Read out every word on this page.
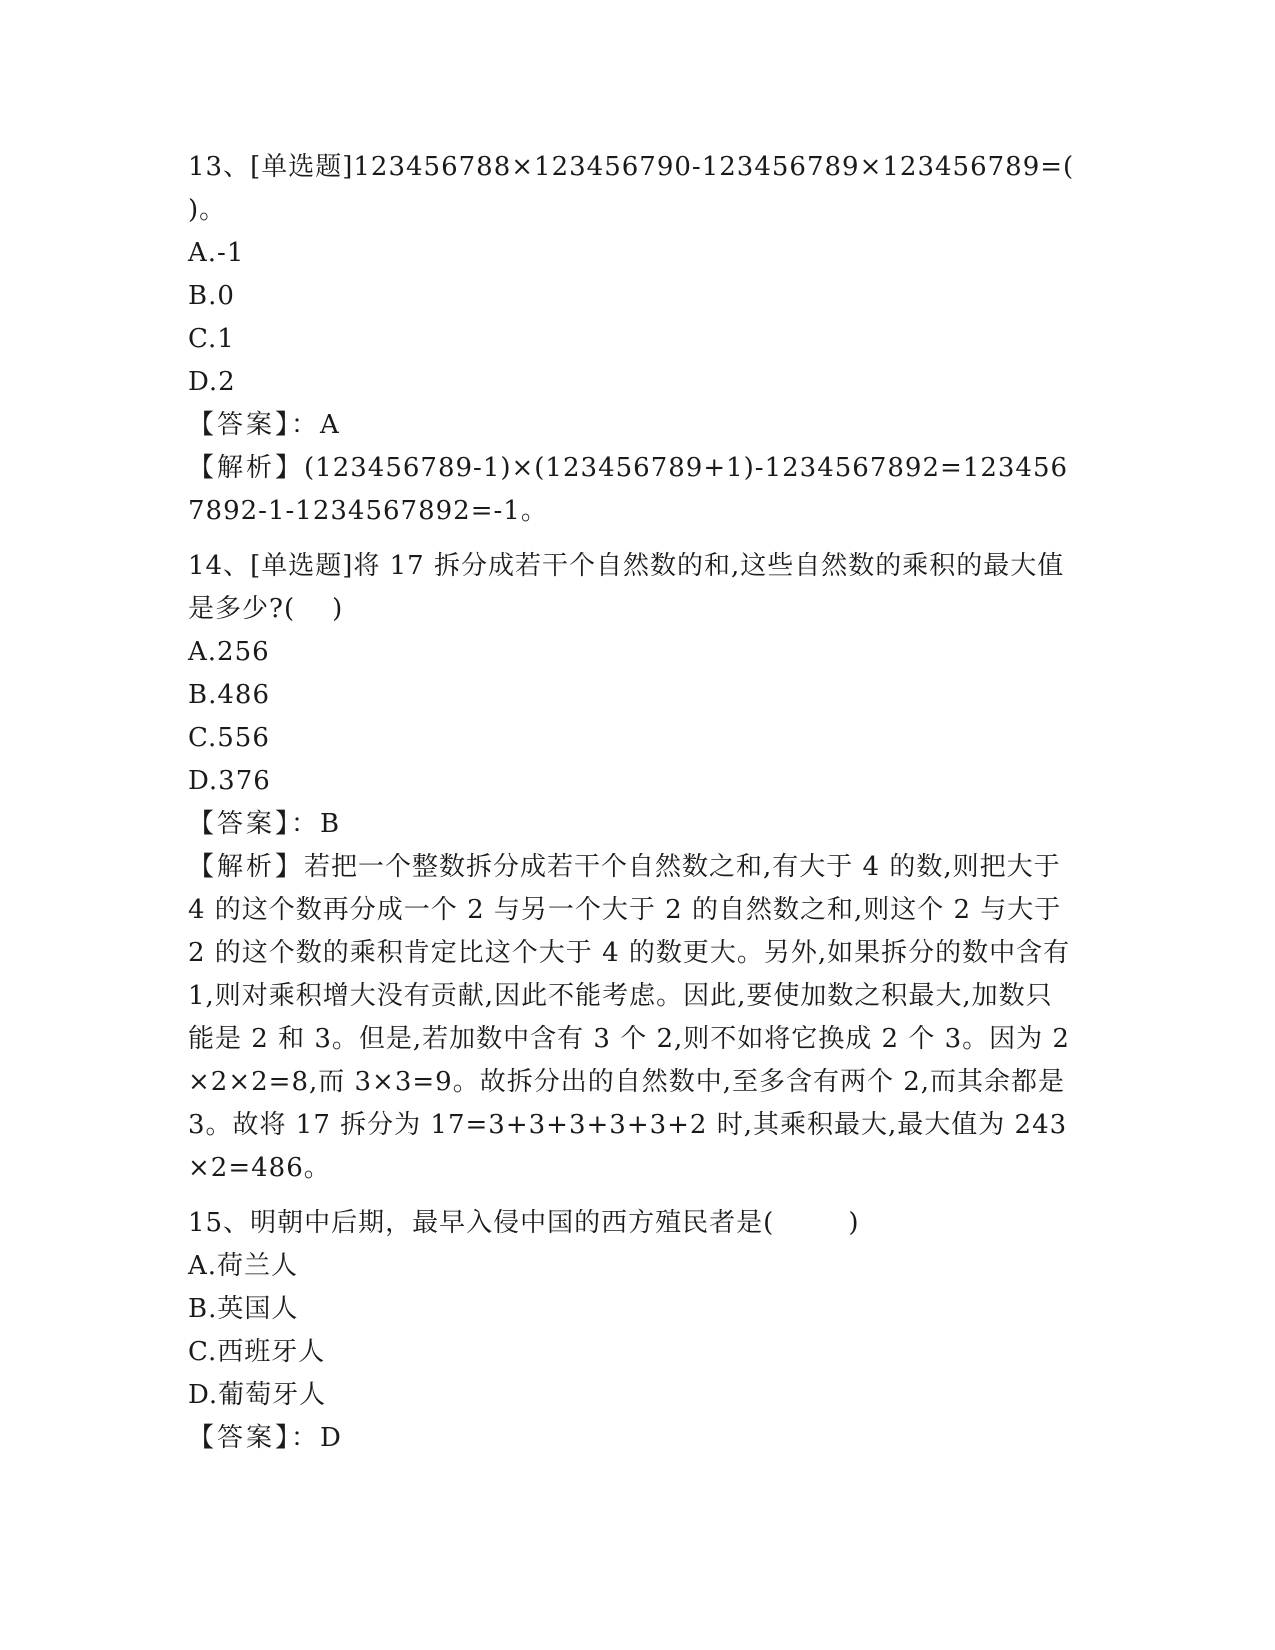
13、[单选题]123456788×123456790-123456789×123456789=(    )。
A.-1
B.0
C.1
D.2
【答案】：A
【解析】(123456789-1)×(123456789+1)-1234567892=1234567892-1-1234567892=-1。
14、[单选题]将 17 拆分成若干个自然数的和,这些自然数的乘积的最大值是多少?(    )
A.256
B.486
C.556
D.376
【答案】：B
【解析】若把一个整数拆分成若干个自然数之和,有大于 4 的数,则把大于 4 的这个数再分成一个 2 与另一个大于 2 的自然数之和,则这个 2 与大于 2 的这个数的乘积肯定比这个大于 4 的数更大。另外,如果拆分的数中含有 1,则对乘积增大没有贡献,因此不能考虑。因此,要使加数之积最大,加数只能是 2 和 3。但是,若加数中含有 3 个 2,则不如将它换成 2 个 3。因为 2×2×2=8,而 3×3=9。故拆分出的自然数中,至多含有两个 2,而其余都是 3。故将 17 拆分为 17=3+3+3+3+3+2 时,其乘积最大,最大值为 243×2=486。
15、明朝中后期，最早入侵中国的西方殖民者是(        )
A.荷兰人
B.英国人
C.西班牙人
D.葡萄牙人
【答案】：D
